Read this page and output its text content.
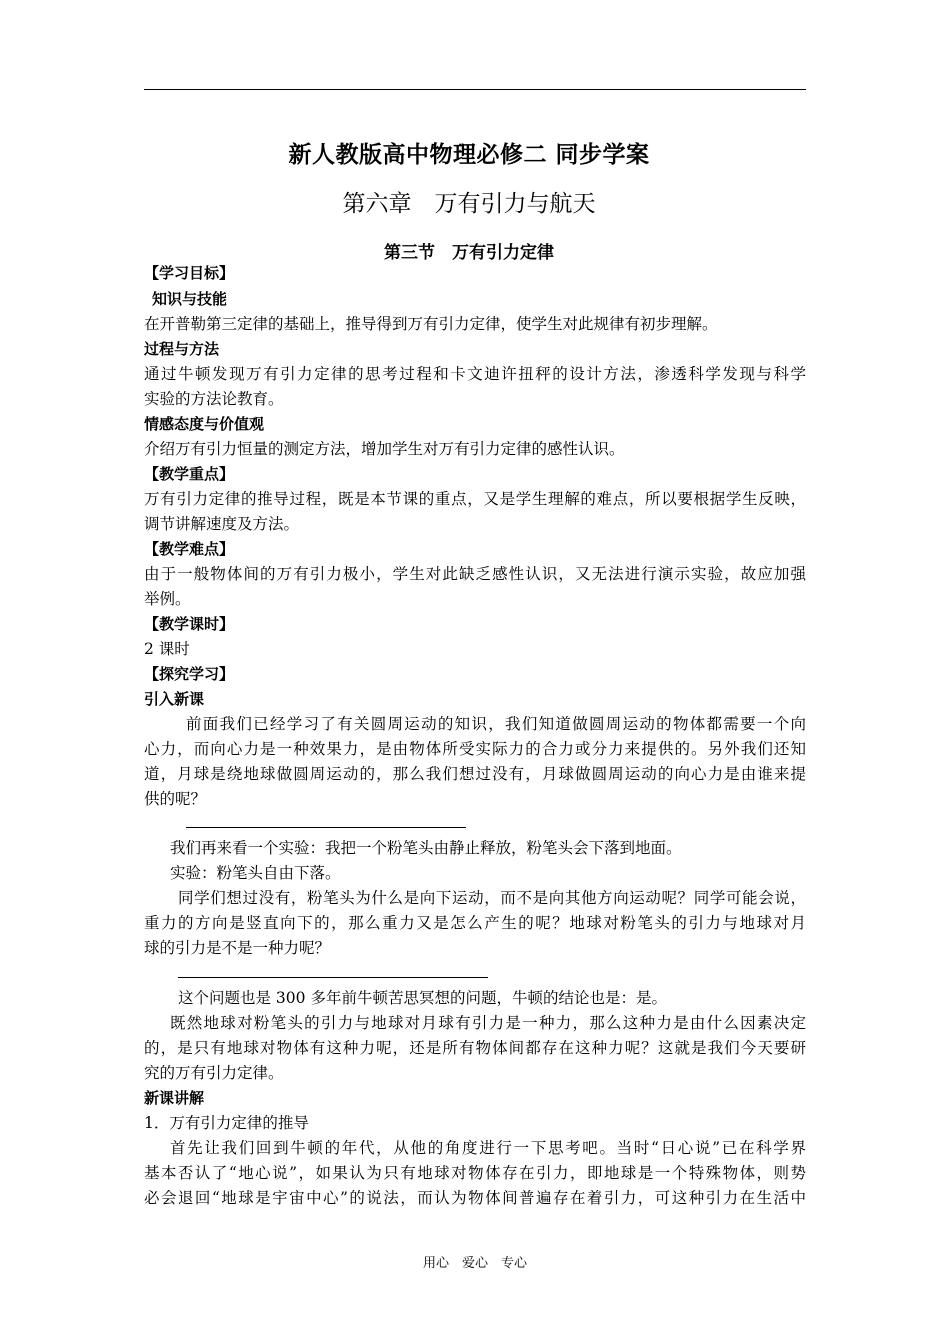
新人教版高中物理必修二 同步学案
第六章　万有引力与航天
第三节　万有引力定律
【学习目标】
知识与技能
在开普勒第三定律的基础上，推导得到万有引力定律，使学生对此规律有初步理解。
过程与方法
通过牛顿发现万有引力定律的思考过程和卡文迪许扭秤的设计方法，渗透科学发现与科学
实验的方法论教育。
情感态度与价值观
介绍万有引力恒量的测定方法，增加学生对万有引力定律的感性认识。
【教学重点】
万有引力定律的推导过程，既是本节课的重点，又是学生理解的难点，所以要根据学生反映，
调节讲解速度及方法。
【教学难点】
由于一般物体间的万有引力极小，学生对此缺乏感性认识，又无法进行演示实验，故应加强
举例。
【教学课时】
2 课时
【探究学习】
引入新课
前面我们已经学习了有关圆周运动的知识，我们知道做圆周运动的物体都需要一个向
心力，而向心力是一种效果力，是由物体所受实际力的合力或分力来提供的。另外我们还知
道，月球是绕地球做圆周运动的，那么我们想过没有，月球做圆周运动的向心力是由谁来提
供的呢？
我们再来看一个实验：我把一个粉笔头由静止释放，粉笔头会下落到地面。
实验：粉笔头自由下落。
同学们想过没有，粉笔头为什么是向下运动，而不是向其他方向运动呢？同学可能会说，
重力的方向是竖直向下的，那么重力又是怎么产生的呢？地球对粉笔头的引力与地球对月
球的引力是不是一种力呢？
这个问题也是 300 多年前牛顿苦思冥想的问题，牛顿的结论也是：是。
既然地球对粉笔头的引力与地球对月球有引力是一种力，那么这种力是由什么因素决定
的，是只有地球对物体有这种力呢，还是所有物体间都存在这种力呢？这就是我们今天要研
究的万有引力定律。
新课讲解
1．万有引力定律的推导
首先让我们回到牛顿的年代，从他的角度进行一下思考吧。当时“日心说”已在科学界
基本否认了“地心说”，如果认为只有地球对物体存在引力，即地球是一个特殊物体，则势
必会退回“地球是宇宙中心”的说法，而认为物体间普遍存在着引力，可这种引力在生活中
用心　爱心　专心
